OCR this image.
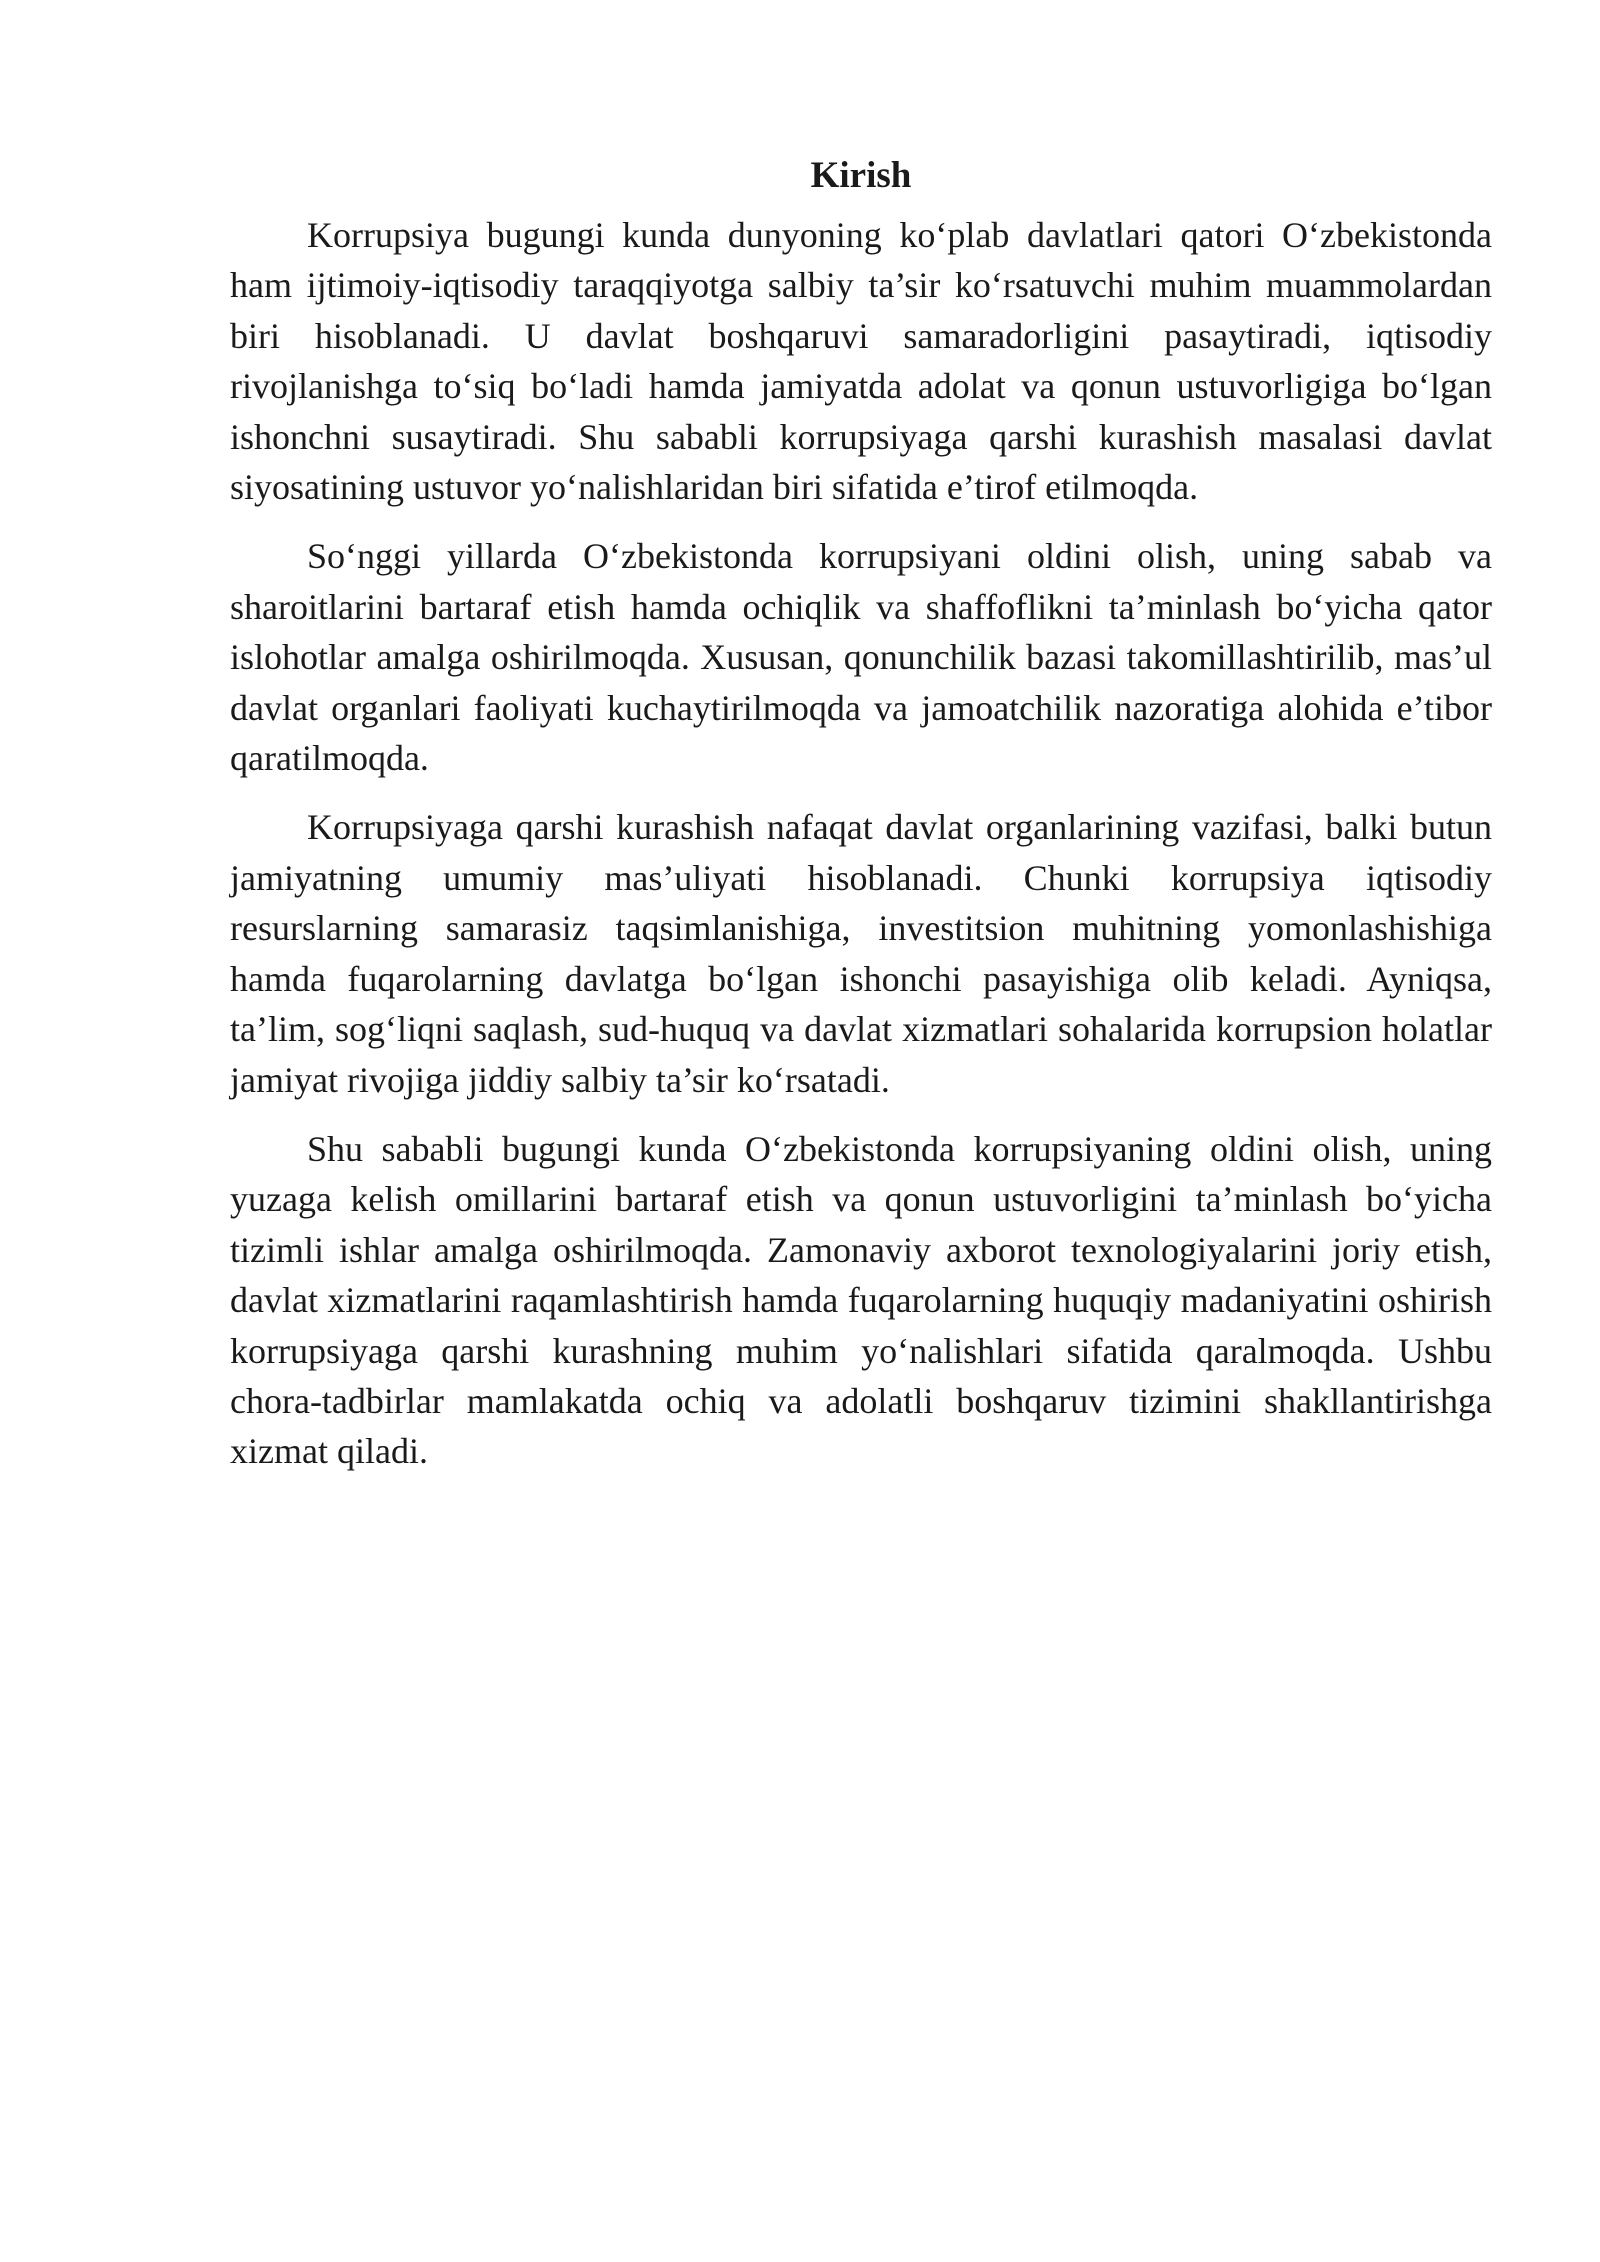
Kirish

Korrupsiya bugungi kunda dunyoning ko‘plab davlatlari qatori O‘zbekistonda ham ijtimoiy-iqtisodiy taraqqiyotga salbiy ta’sir ko‘rsatuvchi muhim muammolardan biri hisoblanadi. U davlat boshqaruvi samaradorligini pasaytiradi, iqtisodiy rivojlanishga to‘siq bo‘ladi hamda jamiyatda adolat va qonun ustuvorligiga bo‘lgan ishonchni susaytiradi. Shu sababli korrupsiyaga qarshi kurashish masalasi davlat siyosatining ustuvor yo‘nalishlaridan biri sifatida e’tirof etilmoqda.

So‘nggi yillarda O‘zbekistonda korrupsiyani oldini olish, uning sabab va sharoitlarini bartaraf etish hamda ochiqlik va shaffoflikni ta’minlash bo‘yicha qator islohotlar amalga oshirilmoqda. Xususan, qonunchilik bazasi takomillashtirilib, mas’ul davlat organlari faoliyati kuchaytirilmoqda va jamoatchilik nazoratiga alohida e’tibor qaratilmoqda.

Korrupsiyaga qarshi kurashish nafaqat davlat organlarining vazifasi, balki butun jamiyatning umumiy mas’uliyati hisoblanadi. Chunki korrupsiya iqtisodiy resurslarning samarasiz taqsimlanishiga, investitsion muhitning yomonlashishiga hamda fuqarolarning davlatga bo‘lgan ishonchi pasayishiga olib keladi. Ayniqsa, ta’lim, sog‘liqni saqlash, sud-huquq va davlat xizmatlari sohalarida korrupsion holatlar jamiyat rivojiga jiddiy salbiy ta’sir ko‘rsatadi.

Shu sababli bugungi kunda O‘zbekistonda korrupsiyaning oldini olish, uning yuzaga kelish omillarini bartaraf etish va qonun ustuvorligini ta’minlash bo‘yicha tizimli ishlar amalga oshirilmoqda. Zamonaviy axborot texnologiyalarini joriy etish, davlat xizmatlarini raqamlashtirish hamda fuqarolarning huquqiy madaniyatini oshirish korrupsiyaga qarshi kurashning muhim yo‘nalishlari sifatida qaralmoqda. Ushbu chora-tadbirlar mamlakatda ochiq va adolatli boshqaruv tizimini shakllantirishga xizmat qiladi.
